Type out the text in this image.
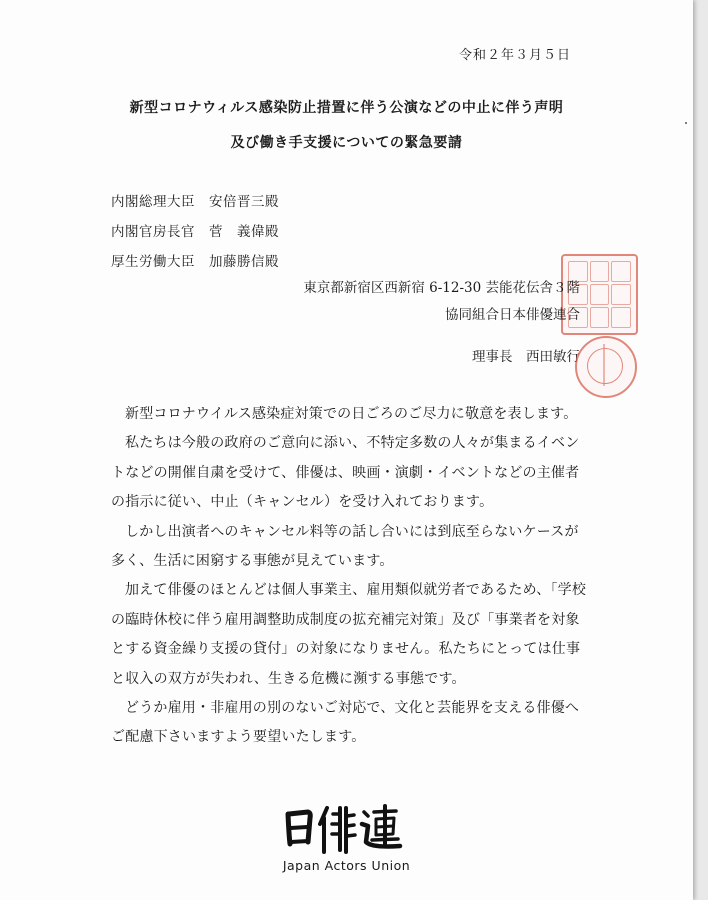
令和２年３月５日
新型コロナウィルス感染防止措置に伴う公演などの中止に伴う声明
及び働き手支援についての緊急要請
内閣総理大臣　安倍晋三殿
内閣官房長官　菅　義偉殿
厚生労働大臣　加藤勝信殿
東京都新宿区西新宿 6-12-30 芸能花伝舎３階
協同組合日本俳優連合
理事長　西田敏行

新型コロナウイルス感染症対策での日ごろのご尽力に敬意を表します。

私たちは今般の政府のご意向に添い、不特定多数の人々が集まるイベントなどの開催自粛を受けて、俳優は、映画・演劇・イベントなどの主催者の指示に従い、中止（キャンセル）を受け入れております。

しかし出演者へのキャンセル料等の話し合いには到底至らないケースが多く、生活に困窮する事態が見えています。

加えて俳優のほとんどは個人事業主、雇用類似就労者であるため、「学校の臨時休校に伴う雇用調整助成制度の拡充補完対策」及び「事業者を対象とする資金繰り支援の貸付」の対象になりません。私たちにとっては仕事と収入の双方が失われ、生きる危機に瀕する事態です。

どうか雇用・非雇用の別のないご対応で、文化と芸能界を支える俳優へご配慮下さいますよう要望いたします。

Japan Actors Union
